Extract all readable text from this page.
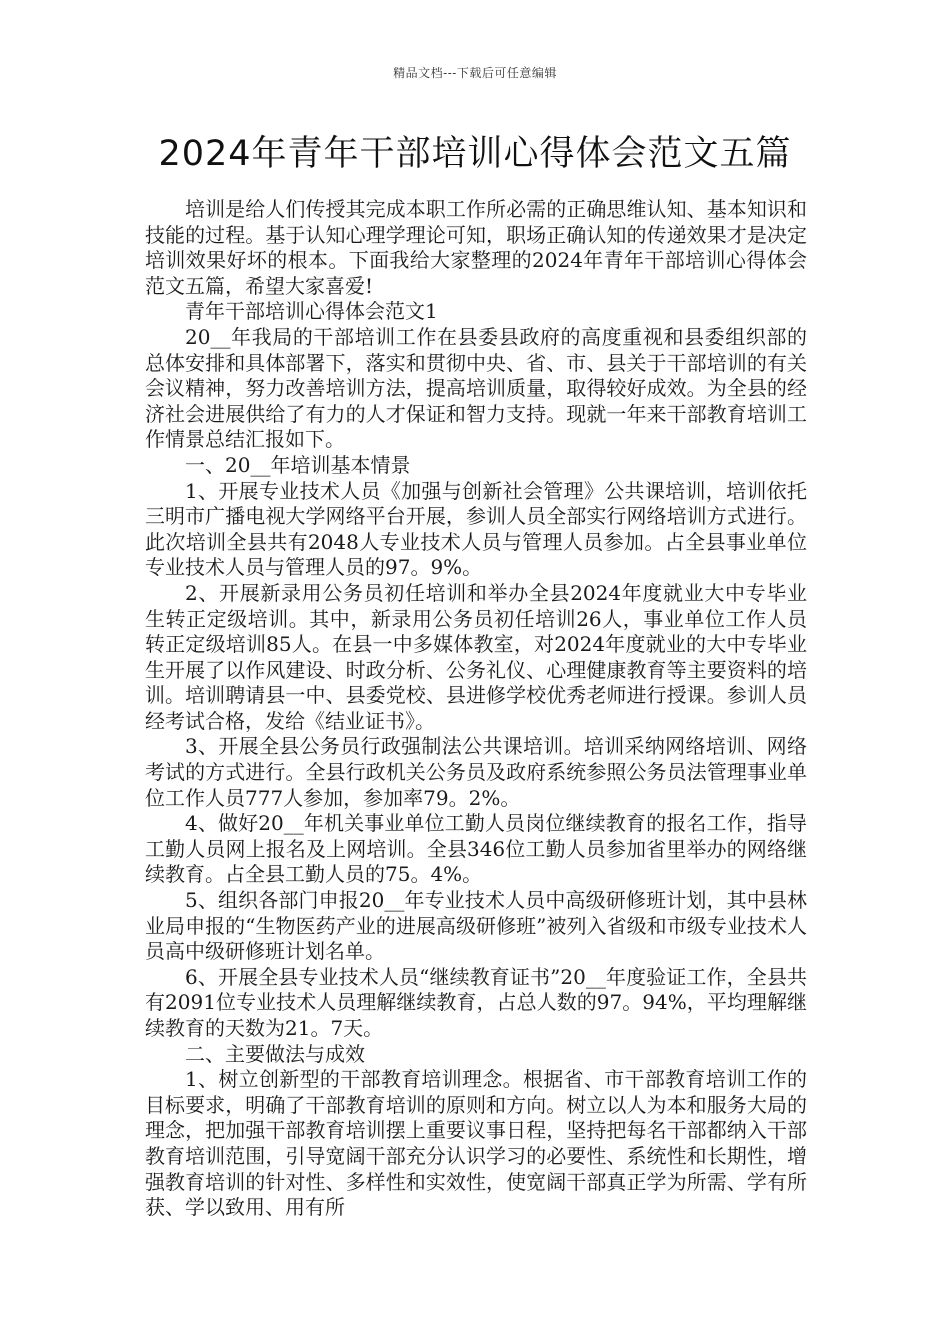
精品文档---下载后可任意编辑
2024年青年干部培训心得体会范文五篇

培训是给人们传授其完成本职工作所必需的正确思维认知、基本知识和技能的过程。基于认知心理学理论可知，职场正确认知的传递效果才是决定培训效果好坏的根本。下面我给大家整理的2024年青年干部培训心得体会范文五篇，希望大家喜爱!

青年干部培训心得体会范文1

20__年我局的干部培训工作在县委县政府的高度重视和县委组织部的总体安排和具体部署下，落实和贯彻中央、省、市、县关于干部培训的有关会议精神，努力改善培训方法，提高培训质量，取得较好成效。为全县的经济社会进展供给了有力的人才保证和智力支持。现就一年来干部教育培训工作情景总结汇报如下。

一、20__年培训基本情景

1、开展专业技术人员《加强与创新社会管理》公共课培训，培训依托三明市广播电视大学网络平台开展，参训人员全部实行网络培训方式进行。此次培训全县共有2048人专业技术人员与管理人员参加。占全县事业单位专业技术人员与管理人员的97。9%。

2、开展新录用公务员初任培训和举办全县2024年度就业大中专毕业生转正定级培训。其中，新录用公务员初任培训26人，事业单位工作人员转正定级培训85人。在县一中多媒体教室，对2024年度就业的大中专毕业生开展了以作风建设、时政分析、公务礼仪、心理健康教育等主要资料的培训。培训聘请县一中、县委党校、县进修学校优秀老师进行授课。参训人员经考试合格，发给《结业证书》。

3、开展全县公务员行政强制法公共课培训。培训采纳网络培训、网络考试的方式进行。全县行政机关公务员及政府系统参照公务员法管理事业单位工作人员777人参加，参加率79。2%。

4、做好20__年机关事业单位工勤人员岗位继续教育的报名工作，指导工勤人员网上报名及上网培训。全县346位工勤人员参加省里举办的网络继续教育。占全县工勤人员的75。4%。

5、组织各部门申报20__年专业技术人员中高级研修班计划，其中县林业局申报的“生物医药产业的进展高级研修班”被列入省级和市级专业技术人员高中级研修班计划名单。

6、开展全县专业技术人员“继续教育证书”20__年度验证工作，全县共有2091位专业技术人员理解继续教育，占总人数的97。94%，平均理解继续教育的天数为21。7天。

二、主要做法与成效

1、树立创新型的干部教育培训理念。根据省、市干部教育培训工作的目标要求，明确了干部教育培训的原则和方向。树立以人为本和服务大局的理念，把加强干部教育培训摆上重要议事日程，坚持把每名干部都纳入干部教育培训范围，引导宽阔干部充分认识学习的必要性、系统性和长期性，增强教育培训的针对性、多样性和实效性，使宽阔干部真正学为所需、学有所获、学以致用、用有所
